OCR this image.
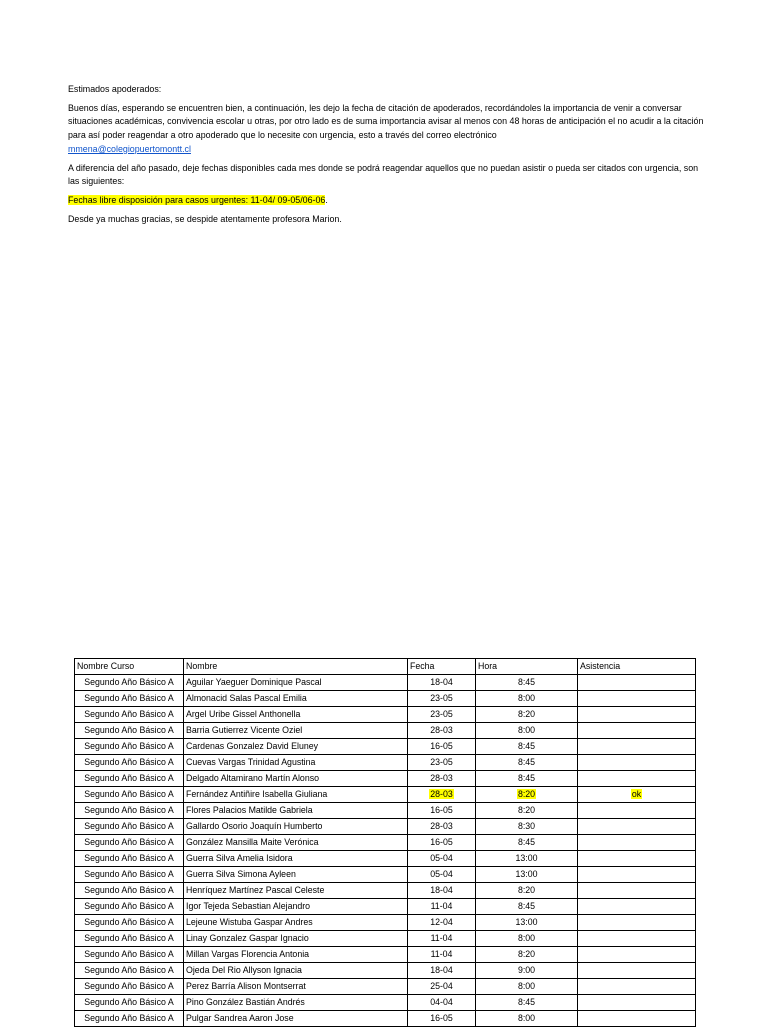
Estimados apoderados:

Buenos días, esperando se encuentren bien, a continuación, les dejo la fecha de citación de apoderados, recordándoles la importancia de venir a conversar situaciones académicas, convivencia escolar u otras, por otro lado es de suma importancia avisar al menos con 48 horas de anticipación el no acudir a la citación para así poder reagendar a otro apoderado que lo necesite con urgencia, esto a través del correo electrónico
mmena@colegiopuertomontt.cl

A diferencia del año pasado, deje fechas disponibles cada mes donde se podrá reagendar aquellos que no puedan asistir o pueda ser citados con urgencia, son las siguientes:

Fechas libre disposición para casos urgentes: 11-04/ 09-05/06-06.

Desde ya muchas gracias, se despide atentamente profesora Marion.

Nombre Curso	Nombre	Fecha	Hora	Asistencia
Segundo Año Básico A	Aguilar Yaeguer Dominique Pascal	18-04	8:45	
Segundo Año Básico A	Almonacid Salas Pascal Emilia	23-05	8:00	
Segundo Año Básico A	Argel Uribe Gissel Anthonella	23-05	8:20	
Segundo Año Básico A	Barria Gutierrez Vicente Oziel	28-03	8:00	
Segundo Año Básico A	Cardenas Gonzalez David Eluney	16-05	8:45	
Segundo Año Básico A	Cuevas Vargas Trinidad Agustina	23-05	8:45	
Segundo Año Básico A	Delgado Altamirano Martín Alonso	28-03	8:45	
Segundo Año Básico A	Fernández Antiñire Isabella Giuliana	28-03	8:20	ok
Segundo Año Básico A	Flores Palacios Matilde Gabriela	16-05	8:20	
Segundo Año Básico A	Gallardo Osorio Joaquín Humberto	28-03	8:30	
Segundo Año Básico A	González Mansilla Maite Verónica	16-05	8:45	
Segundo Año Básico A	Guerra Silva Amelia Isidora	05-04	13:00	
Segundo Año Básico A	Guerra Silva Simona Ayleen	05-04	13:00	
Segundo Año Básico A	Henríquez Martínez Pascal Celeste	18-04	8:20	
Segundo Año Básico A	Igor Tejeda Sebastian Alejandro	11-04	8:45	
Segundo Año Básico A	Lejeune Wistuba Gaspar Andres	12-04	13:00	
Segundo Año Básico A	Linay Gonzalez Gaspar Ignacio	11-04	8:00	
Segundo Año Básico A	Millan Vargas Florencia Antonia	11-04	8:20	
Segundo Año Básico A	Ojeda Del Rio Allyson Ignacia	18-04	9:00	
Segundo Año Básico A	Perez Barría Alison Montserrat	25-04	8:00	
Segundo Año Básico A	Pino González Bastián Andrés	04-04	8:45	
Segundo Año Básico A	Pulgar Sandrea Aaron Jose	16-05	8:00	
